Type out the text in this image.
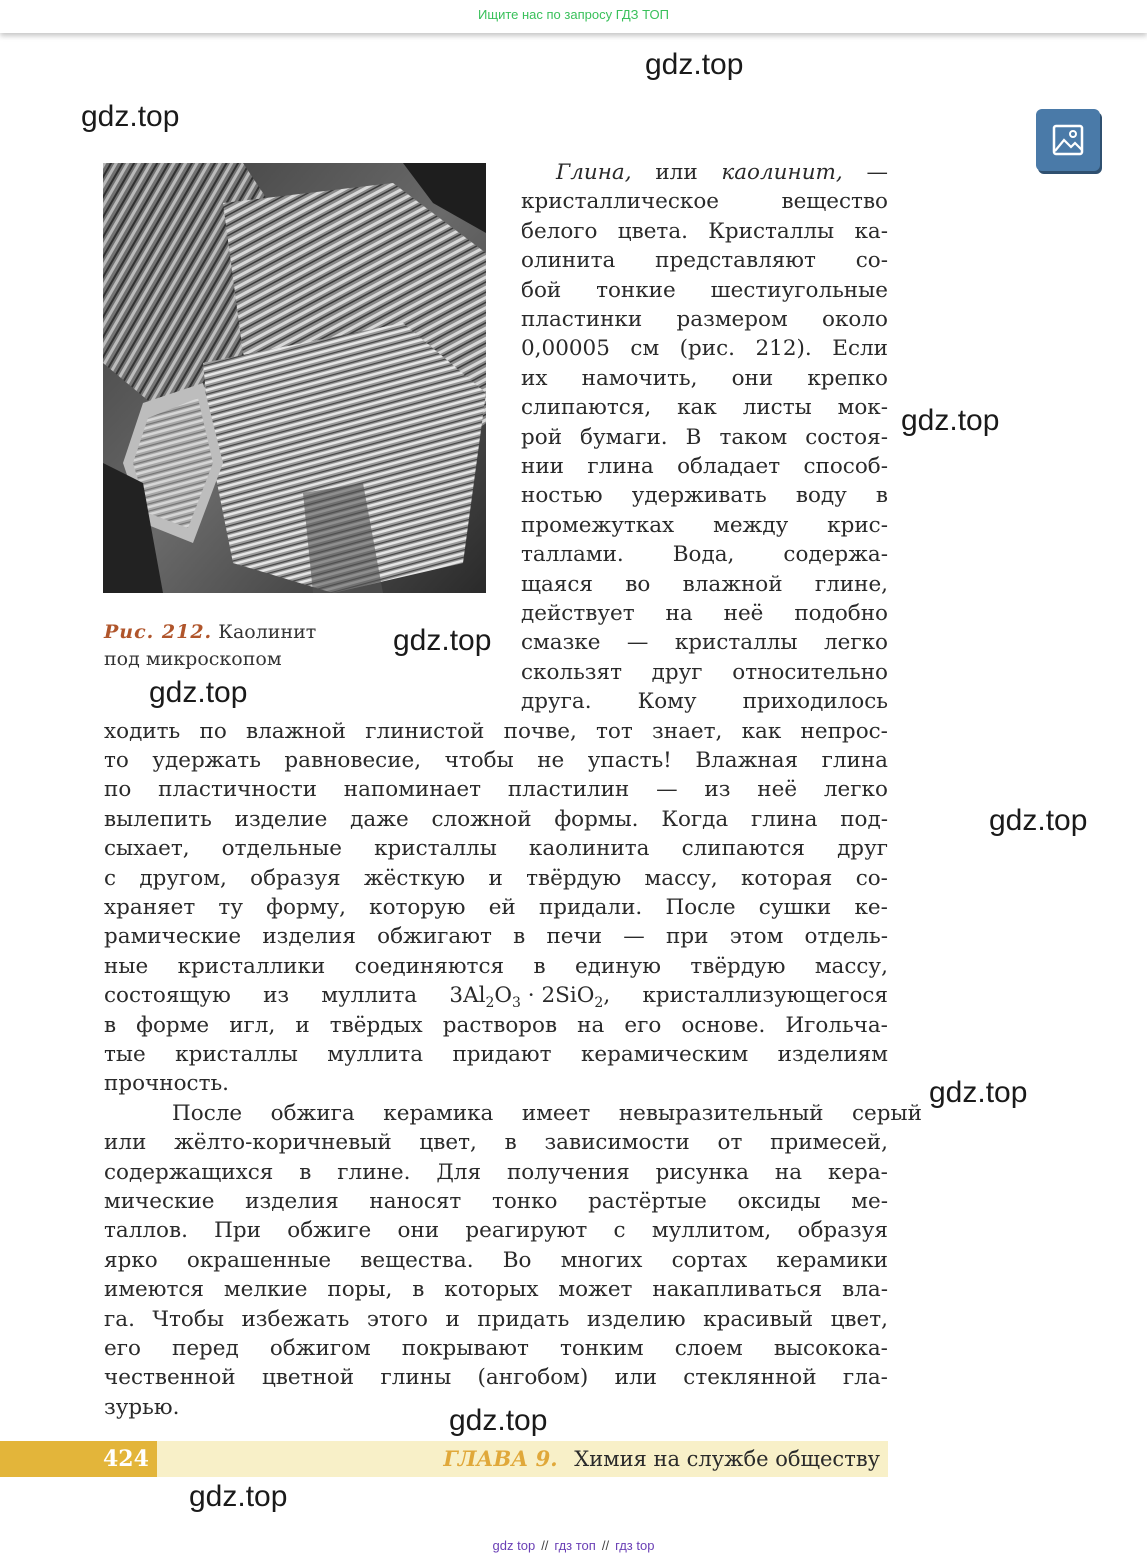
Ищите нас по запросу ГДЗ ТОП
Рис. 212. Каолинит
под микроскопом
Глина, или каолинит, —
кристаллическое	вещество
белого цвета. Кристаллы ка-
олинита представляют со-
бой тонкие шестиугольные
пластинки размером около
0,00005 см (рис. 212). Если
их намочить, они крепко
слипаются, как листы мок-
рой бумаги. В таком состоя-
нии глина обладает способ-
ностью удерживать воду в
промежутках между крис-
таллами. Вода, содержа-
щаяся во влажной глине,
действует на неё подобно
смазке — кристаллы легко
скользят друг относительно
друга. Кому приходилось
ходить по влажной глинистой почве, тот знает, как непрос-
то удержать равновесие, чтобы не упасть! Влажная глина
по пластичности напоминает пластилин — из неё легко
вылепить изделие даже сложной формы. Когда глина под-
сыхает, отдельные кристаллы каолинита слипаются друг
с другом, образуя жёсткую и твёрдую массу, которая со-
храняет ту форму, которую ей придали. После сушки ке-
рамические изделия обжигают в печи — при этом отдель-
ные кристаллики соединяются в единую твёрдую массу,
состоящую из муллита $3Al_2O_3 \cdot 2SiO_2$, кристаллизующегося
в форме игл, и твёрдых растворов на его основе. Игольча-
тые кристаллы муллита придают керамическим изделиям
прочность.
После обжига керамика имеет невыразительный серый
или жёлто-коричневый цвет, в зависимости от примесей,
содержащихся в глине. Для получения рисунка на кера-
мические изделия наносят тонко растёртые оксиды ме-
таллов. При обжиге они реагируют с муллитом, образуя
ярко окрашенные вещества. Во многих сортах керамики
имеются мелкие поры, в которых может накапливаться вла-
га. Чтобы избежать этого и придать изделию красивый цвет,
его перед обжигом покрывают тонким слоем высокока-
чественной цветной глины (ангобом) или стеклянной гла-
зурью.
424	ГЛАВА 9. Химия на службе обществу
gdz.top
gdz.top
gdz.top
gdz.top
gdz.top
gdz.top
gdz.top
gdz.top
gdz.top
gdz top // гдз топ // гдз top
